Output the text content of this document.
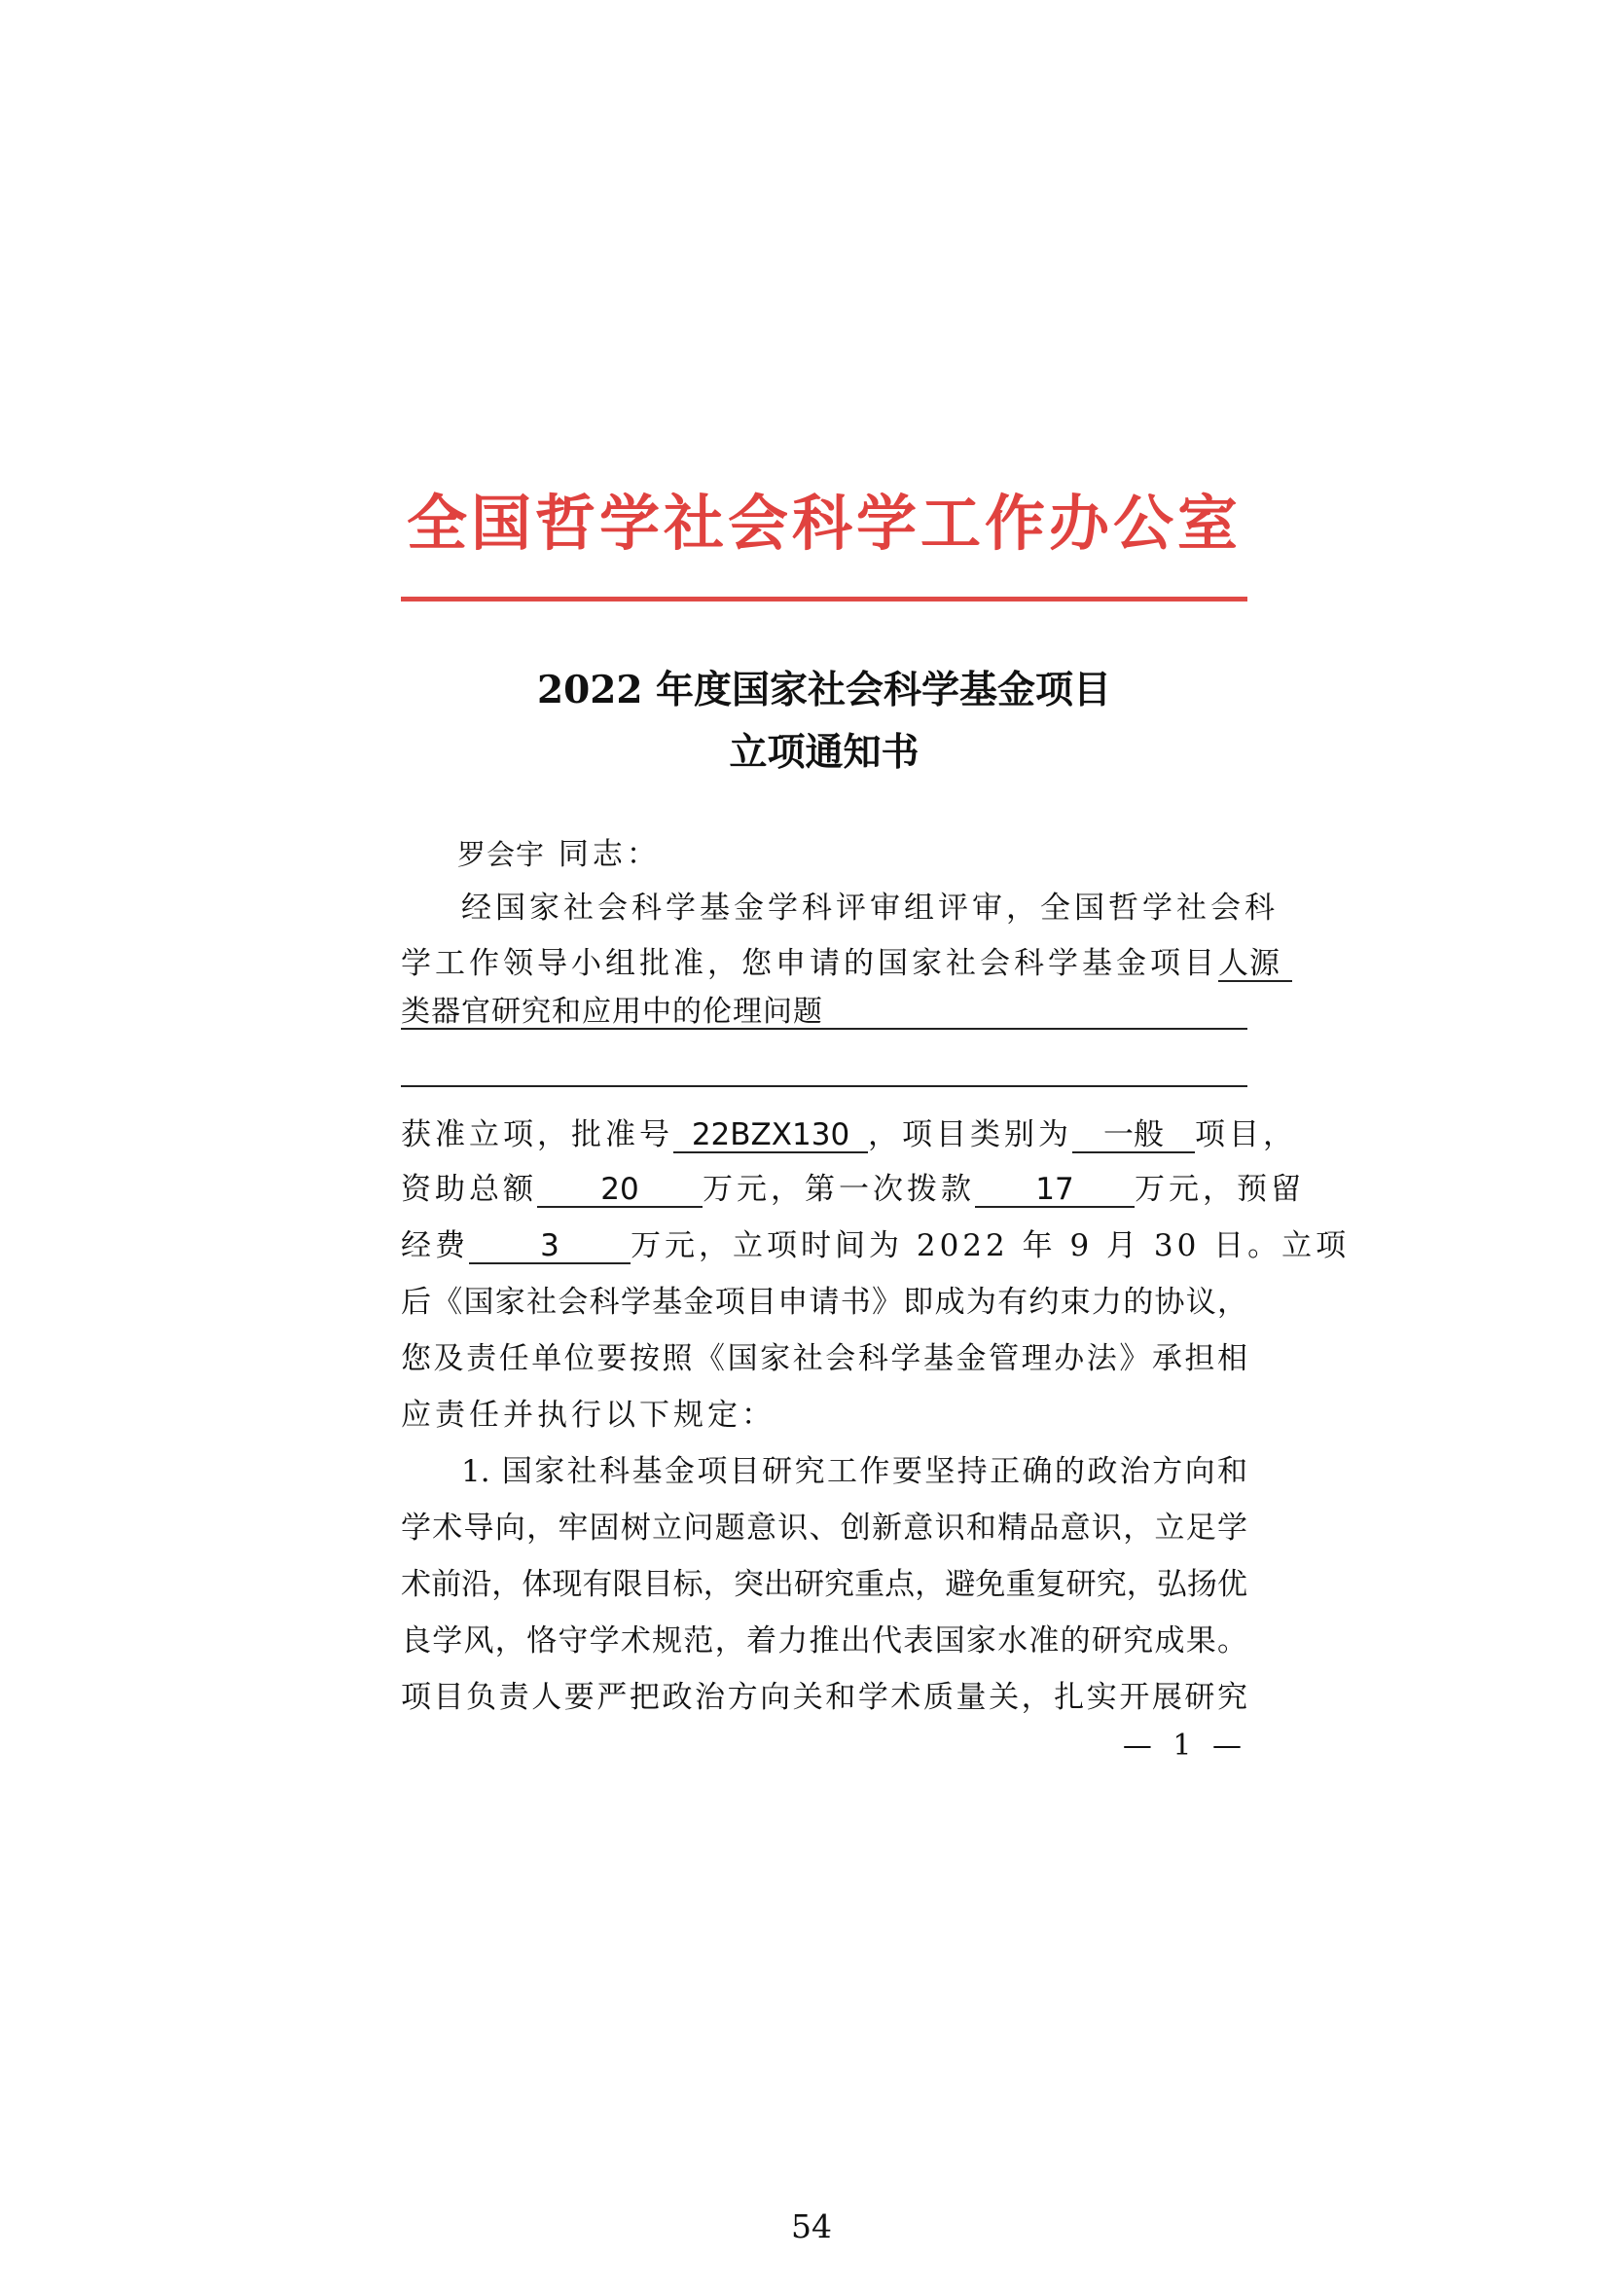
全国哲学社会科学工作办公室
2022 年度国家社会科学基金项目
立项通知书
罗会宇 同志：
经国家社会科学基金学科评审组评审，全国哲学社会科
学工作领导小组批准，您申请的国家社会科学基金项目人源
类器官研究和应用中的伦理问题
获准立项，批准号 22BZX130 ，项目类别为 一般 项目，
资助总额 20 万元，第一次拨款 17 万元，预留
经费 3 万元，立项时间为 2022 年 9 月 30 日。立项
后《国家社会科学基金项目申请书》即成为有约束力的协议，
您及责任单位要按照《国家社会科学基金管理办法》承担相
应责任并执行以下规定：
1. 国家社科基金项目研究工作要坚持正确的政治方向和
学术导向，牢固树立问题意识、创新意识和精品意识，立足学
术前沿，体现有限目标，突出研究重点，避免重复研究，弘扬优
良学风，恪守学术规范，着力推出代表国家水准的研究成果。
项目负责人要严把政治方向关和学术质量关，扎实开展研究
— 1 —
54
